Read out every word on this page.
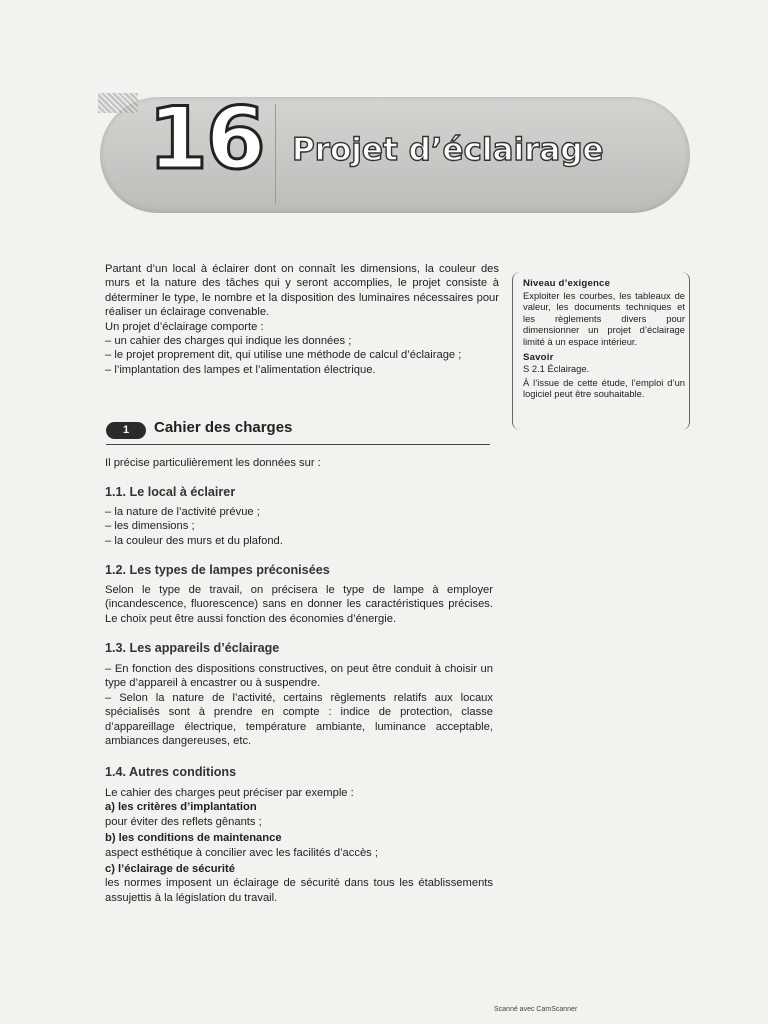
16 Projet d’éclairage

Partant d’un local à éclairer dont on connaît les dimensions, la couleur des murs et la nature des tâches qui y seront accomplies, le projet consiste à déterminer le type, le nombre et la disposition des luminaires nécessaires pour réaliser un éclairage convenable.

Un projet d’éclairage comporte :

– un cahier des charges qui indique les données ;
– le projet proprement dit, qui utilise une méthode de calcul d’éclairage ;
– l’implantation des lampes et l’alimentation électrique.

Niveau d’exigence

Exploiter les courbes, les tableaux de valeur, les documents techniques et les règlements divers pour dimensionner un projet d’éclairage limité à un espace intérieur.

Savoir

S 2.1 Éclairage.

À l’issue de cette étude, l’emploi d’un logiciel peut être souhaitable.

1	Cahier des charges
Il précise particulièrement les données sur :
1.1. Le local à éclairer
– la nature de l’activité prévue ;
– les dimensions ;
– la couleur des murs et du plafond.
1.2. Les types de lampes préconisées
Selon le type de travail, on précisera le type de lampe à employer (incandescence, fluorescence) sans en donner les caractéristiques précises. Le choix peut être aussi fonction des économies d’énergie.
1.3. Les appareils d’éclairage
– En fonction des dispositions constructives, on peut être conduit à choisir un type d’appareil à encastrer ou à suspendre.
– Selon la nature de l’activité, certains règlements relatifs aux locaux spécialisés sont à prendre en compte : indice de protection, classe d’appareillage électrique, température ambiante, luminance acceptable, ambiances dangereuses, etc.
1.4. Autres conditions

Le cahier des charges peut préciser par exemple :

a) les critères d’implantation

pour éviter des reflets gênants ;

b) les conditions de maintenance

aspect esthétique à concilier avec les facilités d’accès ;

c) l’éclairage de sécurité

les normes imposent un éclairage de sécurité dans tous les établissements assujettis à la législation du travail.

Scanné avec CamScanner
